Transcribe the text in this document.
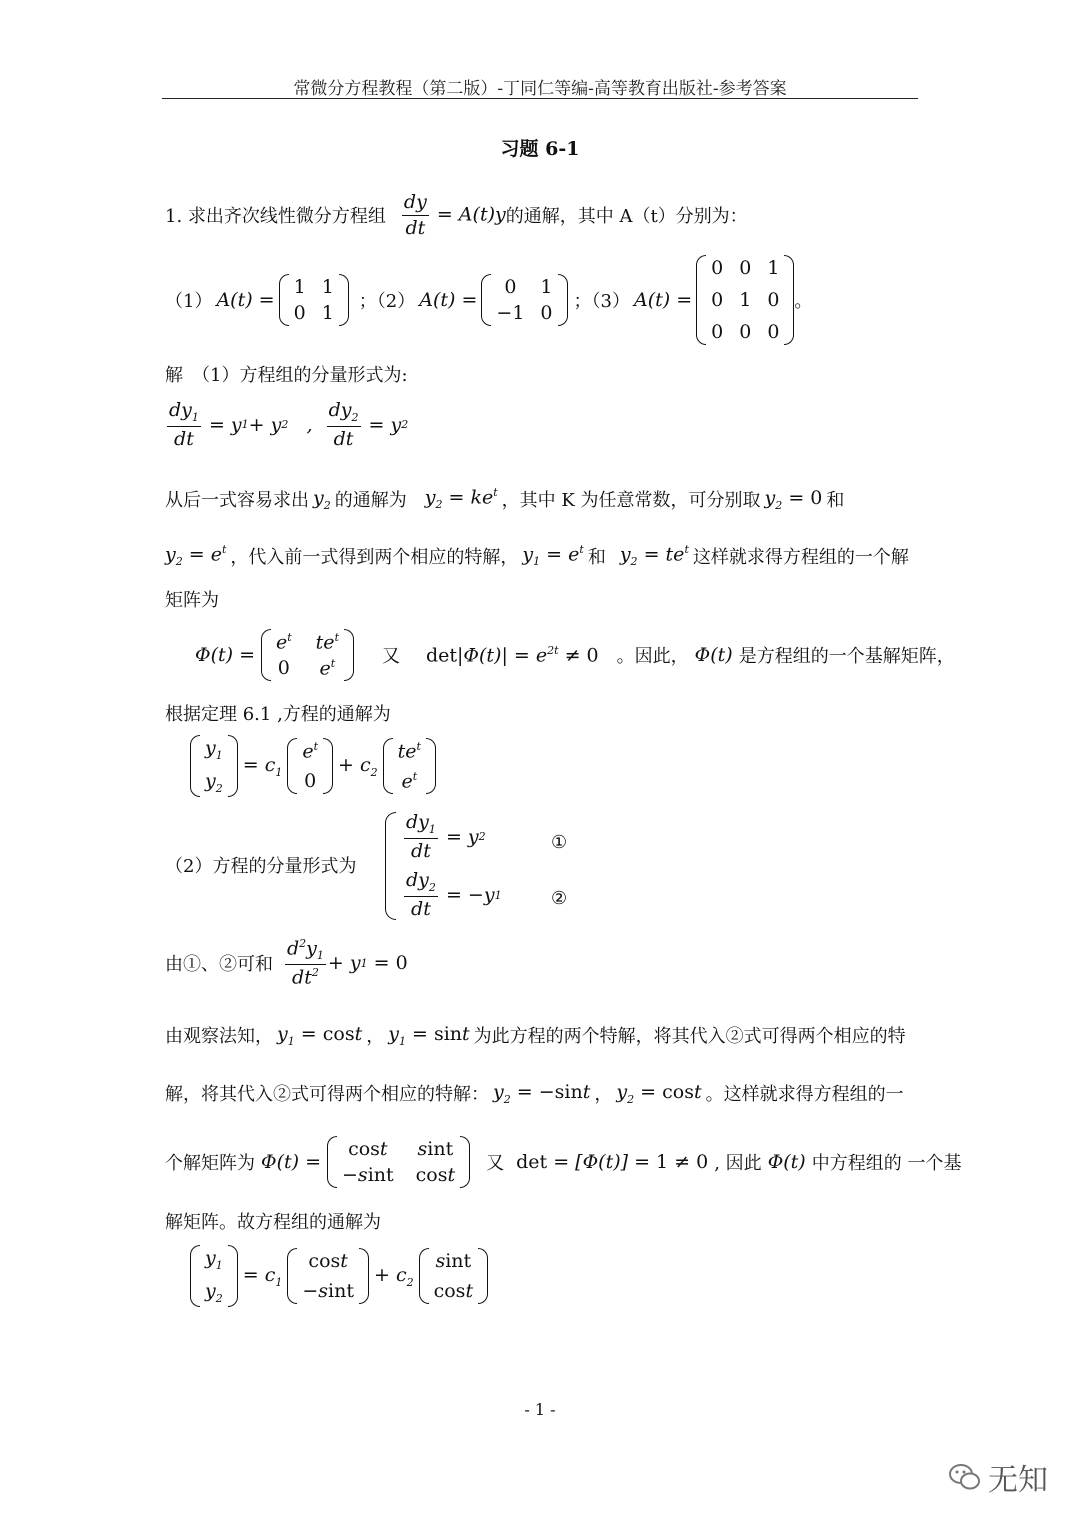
常微分方程教程（第二版）-丁同仁等编-高等教育出版社-参考答案
习题 6-1
1. 求出齐次线性微分方程组 $\frac{dy}{dt} = A(t)y$ 的通解，其中 A（t）分别为：
（1） A(t) =
1 1
0 1
；（2） A(t) =
0	1
−1 0
；（3） A(t) =
0 0 1
0 1 0
0 0 0
。
解　（1）方程组的分量形式为:
$\frac{dy_1}{dt} = y$ 1 + y 2 , $\frac{dy_2}{dt} = y$ 2
从后一式容易求出 $y_2$ 的通解为 $y_2 = ke^t$ ，其中 K 为任意常数，可分别取 $y_2 = 0$ 和
$y_2 = e^t$ ，代入前一式得到两个相应的特解， $y_1 = e^t$ 和 $y_2 = te^t$ 这样就求得方程组的一个解
矩阵为
Φ(t) =
$e^t$ $te^t$
0 $e^t$	又 $\det|\Phi(t)| = e^{2t} \ne 0$ 。因此， Φ(t) 是方程组的一个基解矩阵，
根据定理 6.1 ,方程的通解为
$y_1$
$y_2$
= $c_1$
$e^t$
0
+ $c_2$
$te^t$
$e^t$
（2）方程的分量形式为
$\frac{dy_1}{dt} = y$ 2
$\frac{dy_2}{dt} = -y$ 1
①
②
由①、②可和 $\frac{d^2y_1}{dt^2} + y$ 1 = 0
由观察法知， $y_1 = \cos t$ ， $y_1 = \sin t$ 为此方程的两个特解，将其代入②式可得两个相应的特
解，将其代入②式可得两个相应的特解： $y_2 = -\sin t$ ， $y_2 = \cos t$ 。这样就求得方程组的一
个解矩阵为 Φ(t) =
cost	sint
−sint cost
又 det = [Φ(t)] = 1 ≠ 0 , 因此 Φ(t) 中方程组的 一个基
解矩阵。故方程组的通解为
$y_1$
$y_2$
= $c_1$
cost
−sint
+ $c_2$
sint
cost
- 1 -
无知
